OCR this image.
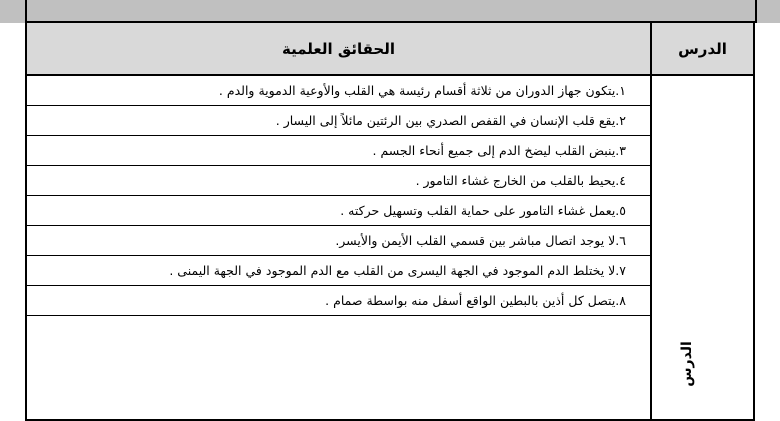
الحقائق العلمية	الدرس
١.يتكون جهاز الدوران من ثلاثة أقسام رئيسة هي القلب والأوعية الدموية والدم .
٢.يقع قلب الإنسان في القفص الصدري بين الرئتين مائلاً إلى اليسار .
٣.ينبض القلب ليضخ الدم إلى جميع أنحاء الجسم .
٤.يحيط بالقلب من الخارج غشاء التامور .
٥.يعمل غشاء التامور على حماية القلب وتسهيل حركته .
٦.لا يوجد اتصال مباشر بين قسمي القلب الأيمن والأيسر.
٧.لا يختلط الدم الموجود في الجهة اليسرى من القلب مع الدم الموجود في الجهة اليمنى .
٨.يتصل كل أذين بالبطين الواقع أسفل منه بواسطة صمام .
الدرس
